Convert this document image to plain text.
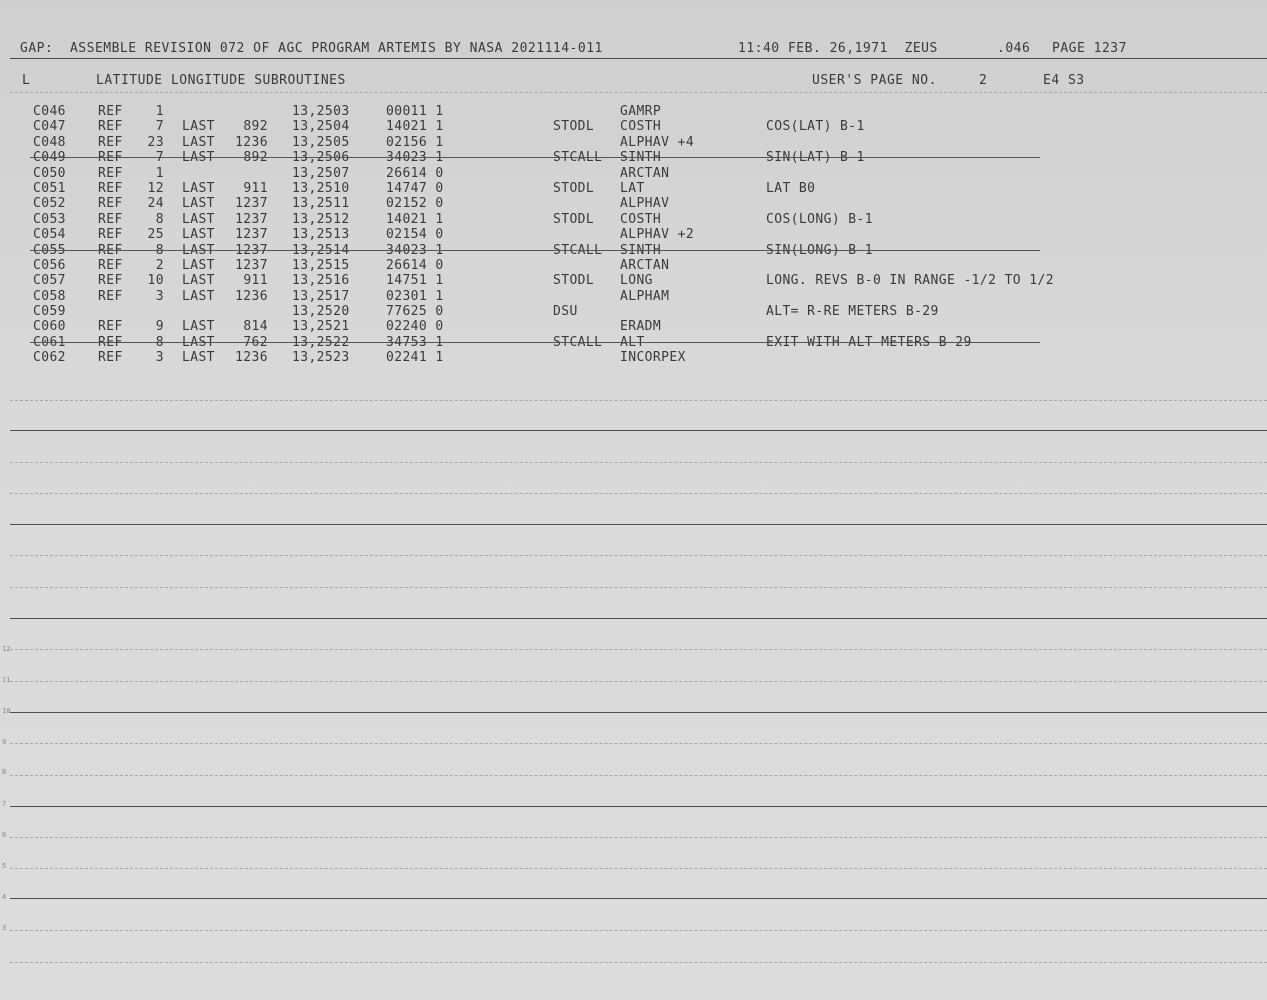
GAP:  ASSEMBLE REVISION 072 OF AGC PROGRAM ARTEMIS BY NASA 2021114-011	11:40 FEB. 26,1971  ZEUS	.046 PAGE 1237
L	LATITUDE LONGITUDE SUBROUTINES	USER'S PAGE NO.	2	E4 S3
C046 REF	1	13,2503	00011 1	GAMRP
C047 REF	7 LAST	892 13,2504	14021 1	STODL COSTH	COS(LAT) B-1
C048 REF	23 LAST	1236 13,2505	02156 1	ALPHAV +4
C049 REF	7 LAST	892 13,2506	34023 1	STCALL SINTH	SIN(LAT) B-1
C050 REF	1	13,2507	26614 0	ARCTAN
C051 REF	12 LAST	911 13,2510	14747 0	STODL LAT	LAT B0
C052 REF	24 LAST	1237 13,2511	02152 0	ALPHAV
C053 REF	8 LAST	1237 13,2512	14021 1	STODL COSTH	COS(LONG) B-1
C054 REF	25 LAST	1237 13,2513	02154 0	ALPHAV +2
C055 REF	8 LAST	1237 13,2514	34023 1	STCALL SINTH	SIN(LONG) B-1
C056 REF	2 LAST	1237 13,2515	26614 0	ARCTAN
C057 REF	10 LAST	911 13,2516	14751 1	STODL LONG	LONG. REVS B-0 IN RANGE -1/2 TO 1/2
C058 REF	3 LAST	1236 13,2517	02301 1	ALPHAM
C059	13,2520	77625 0	DSU	ALT= R-RE METERS B-29
C060 REF	9 LAST	814 13,2521	02240 0	ERADM
C061 REF	8 LAST	762 13,2522	34753 1	STCALL ALT	EXIT WITH ALT METERS B-29
C062 REF	3 LAST	1236 13,2523	02241 1	INCORPEX
12
11
10
9
8
7
6
5
4
3
